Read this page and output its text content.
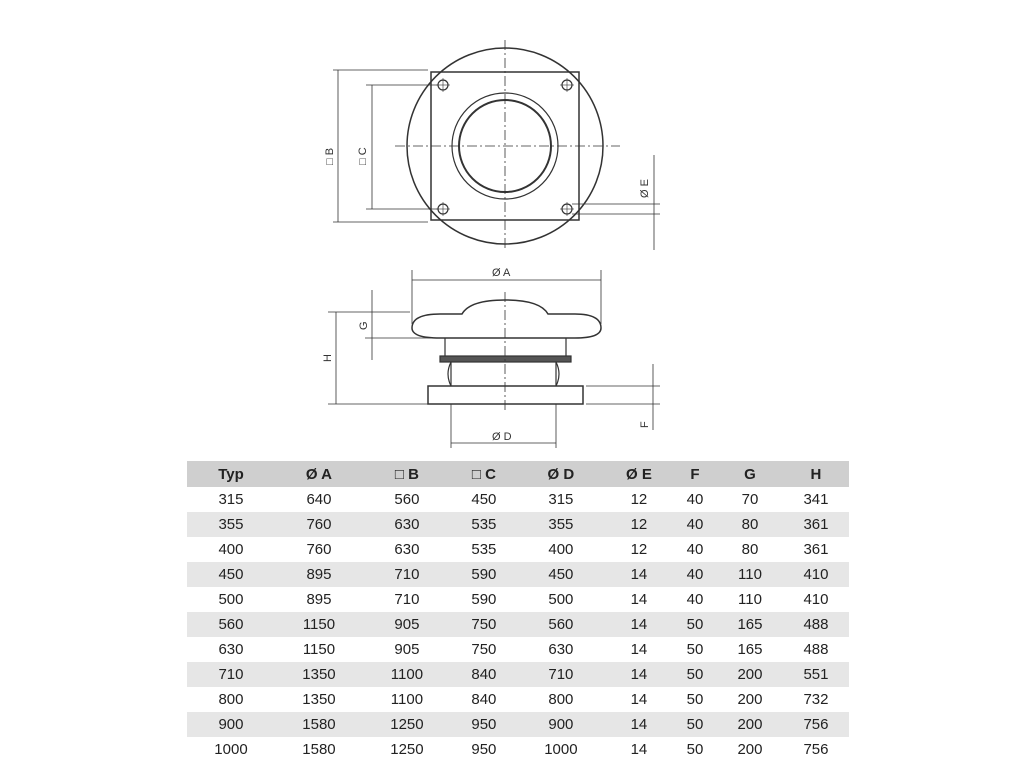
□ B □ C
Ø E
Ø A
Ø D
G
H
F
Typ	Ø A	□ B	□ C	Ø D	Ø E	F	G	H
315	640	560	450	315	12	40	70	341
355	760	630	535	355	12	40	80	361
400	760	630	535	400	12	40	80	361
450	895	710	590	450	14	40	110	410
500	895	710	590	500	14	40	110	410
560	1150	905	750	560	14	50	165	488
630	1150	905	750	630	14	50	165	488
710	1350	1100	840	710	14	50	200	551
800	1350	1100	840	800	14	50	200	732
900	1580	1250	950	900	14	50	200	756
1000	1580	1250	950	1000	14	50	200	756
